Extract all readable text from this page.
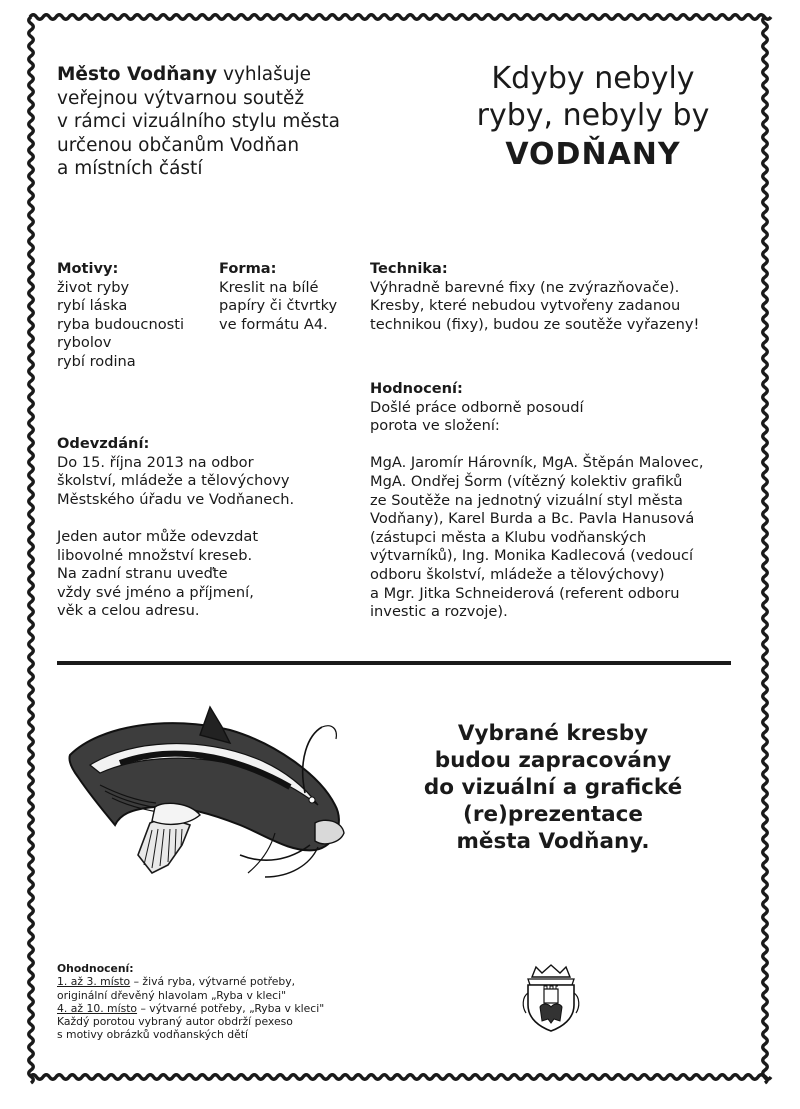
Město Vodňany vyhlašuje
veřejnou výtvarnou soutěž
v rámci vizuálního stylu města
určenou občanům Vodňan
a místních částí
Kdyby nebyly
ryby, nebyly by
VODŇANY
Motivy:
život ryby
rybí láska
ryba budoucnosti
rybolov
rybí rodina
Forma:
Kreslit na bílé
papíry či čtvrtky
ve formátu A4.
Technika:
Výhradně barevné fixy (ne zvýrazňovače).
Kresby, které nebudou vytvořeny zadanou
technikou (fixy), budou ze soutěže vyřazeny!
Hodnocení:
Došlé práce odborně posoudí
porota ve složení:
MgA. Jaromír Hárovník, MgA. Štěpán Malovec,
MgA. Ondřej Šorm (vítězný kolektiv grafiků
ze Soutěže na jednotný vizuální styl města
Vodňany), Karel Burda a Bc. Pavla Hanusová
(zástupci města a Klubu vodňanských
výtvarníků), Ing. Monika Kadlecová (vedoucí
odboru školství, mládeže a tělovýchovy)
a Mgr. Jitka Schneiderová (referent odboru
investic a rozvoje).
Odevzdání:
Do 15. října 2013 na odbor
školství, mládeže a tělovýchovy
Městského úřadu ve Vodňanech.
Jeden autor může odevzdat
libovolné množství kreseb.
Na zadní stranu uveďte
vždy své jméno a příjmení,
věk a celou adresu.
Vybrané kresby
budou zapracovány
do vizuální a grafické
(re)prezentace
města Vodňany.
Ohodnocení:
1. až 3. místo – živá ryba, výtvarné potřeby,
originální dřevěný hlavolam „Ryba v kleci"
4. až 10. místo – výtvarné potřeby, „Ryba v kleci"
Každý porotou vybraný autor obdrží pexeso
s motivy obrázků vodňanských dětí
